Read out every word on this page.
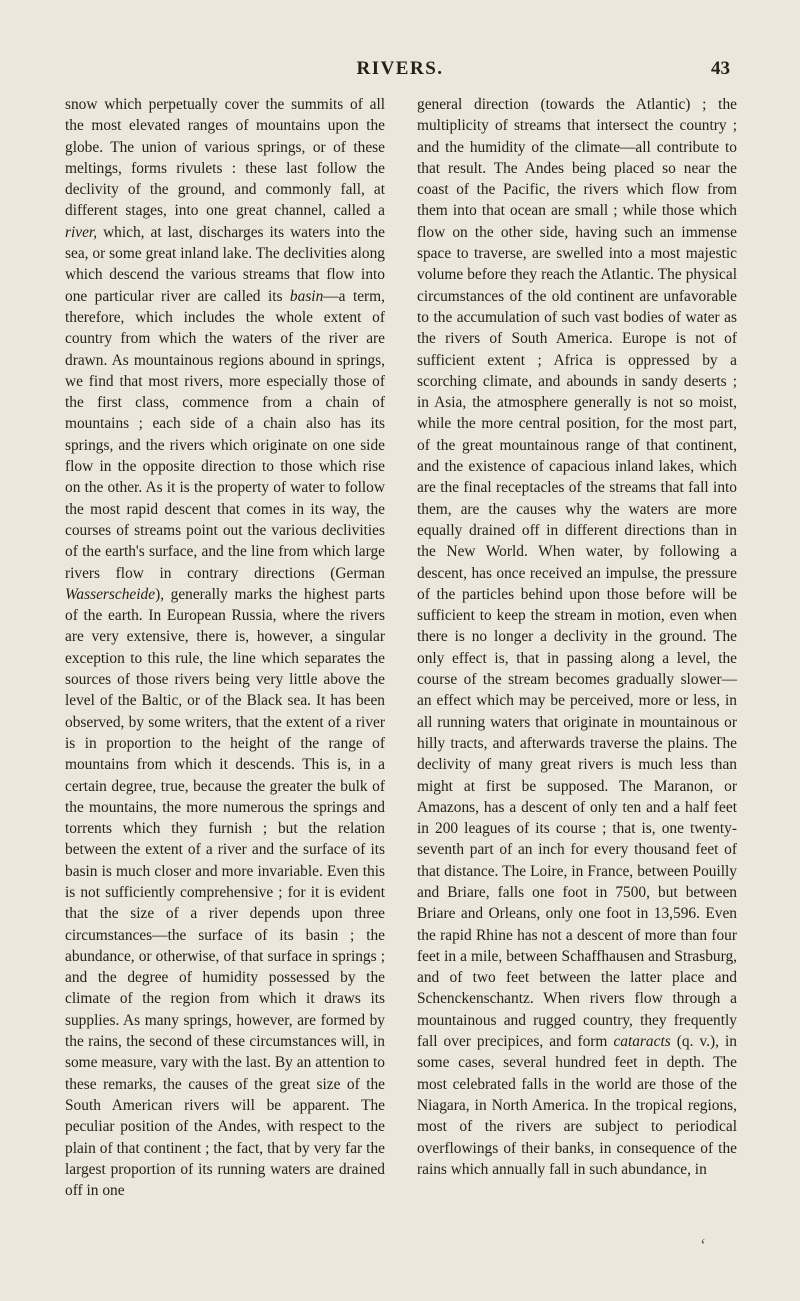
RIVERS.	43

snow which perpetually cover the summits of all the most elevated ranges of mountains upon the globe. The union of various springs, or of these meltings, forms rivulets : these last follow the declivity of the ground, and commonly fall, at different stages, into one great channel, called a river, which, at last, discharges its waters into the sea, or some great inland lake. The declivities along which descend the various streams that flow into one particular river are called its basin—a term, therefore, which includes the whole extent of country from which the waters of the river are drawn. As mountainous regions abound in springs, we find that most rivers, more especially those of the first class, commence from a chain of mountains ; each side of a chain also has its springs, and the rivers which originate on one side flow in the opposite direction to those which rise on the other. As it is the property of water to follow the most rapid descent that comes in its way, the courses of streams point out the various declivities of the earth's surface, and the line from which large rivers flow in contrary directions (German Wasserscheide), generally marks the highest parts of the earth. In European Russia, where the rivers are very extensive, there is, however, a singular exception to this rule, the line which separates the sources of those rivers being very little above the level of the Baltic, or of the Black sea. It has been observed, by some writers, that the extent of a river is in proportion to the height of the range of mountains from which it descends. This is, in a certain degree, true, because the greater the bulk of the mountains, the more numerous the springs and torrents which they furnish ; but the relation between the extent of a river and the surface of its basin is much closer and more invariable. Even this is not sufficiently comprehensive ; for it is evident that the size of a river depends upon three circumstances—the surface of its basin ; the abundance, or otherwise, of that surface in springs ; and the degree of humidity possessed by the climate of the region from which it draws its supplies. As many springs, however, are formed by the rains, the second of these circumstances will, in some measure, vary with the last. By an attention to these remarks, the causes of the great size of the South American rivers will be apparent. The peculiar position of the Andes, with respect to the plain of that continent ; the fact, that by very far the largest proportion of its running waters are drained off in one

general direction (towards the Atlantic) ; the multiplicity of streams that intersect the country ; and the humidity of the climate—all contribute to that result. The Andes being placed so near the coast of the Pacific, the rivers which flow from them into that ocean are small ; while those which flow on the other side, having such an immense space to traverse, are swelled into a most majestic volume before they reach the Atlantic. The physical circumstances of the old continent are unfavorable to the accumulation of such vast bodies of water as the rivers of South America. Europe is not of sufficient extent ; Africa is oppressed by a scorching climate, and abounds in sandy deserts ; in Asia, the atmosphere generally is not so moist, while the more central position, for the most part, of the great mountainous range of that continent, and the existence of capacious inland lakes, which are the final receptacles of the streams that fall into them, are the causes why the waters are more equally drained off in different directions than in the New World. When water, by following a descent, has once received an impulse, the pressure of the particles behind upon those before will be sufficient to keep the stream in motion, even when there is no longer a declivity in the ground. The only effect is, that in passing along a level, the course of the stream becomes gradually slower— an effect which may be perceived, more or less, in all running waters that originate in mountainous or hilly tracts, and afterwards traverse the plains. The declivity of many great rivers is much less than might at first be supposed. The Maranon, or Amazons, has a descent of only ten and a half feet in 200 leagues of its course ; that is, one twenty-seventh part of an inch for every thousand feet of that distance. The Loire, in France, between Pouilly and Briare, falls one foot in 7500, but between Briare and Orleans, only one foot in 13,596. Even the rapid Rhine has not a descent of more than four feet in a mile, between Schaffhausen and Strasburg, and of two feet between the latter place and Schenckenschantz. When rivers flow through a mountainous and rugged country, they frequently fall over precipices, and form cataracts (q. v.), in some cases, several hundred feet in depth. The most celebrated falls in the world are those of the Niagara, in North America. In the tropical regions, most of the rivers are subject to periodical overflowings of their banks, in consequence of the rains which annually fall in such abundance, in

‘
